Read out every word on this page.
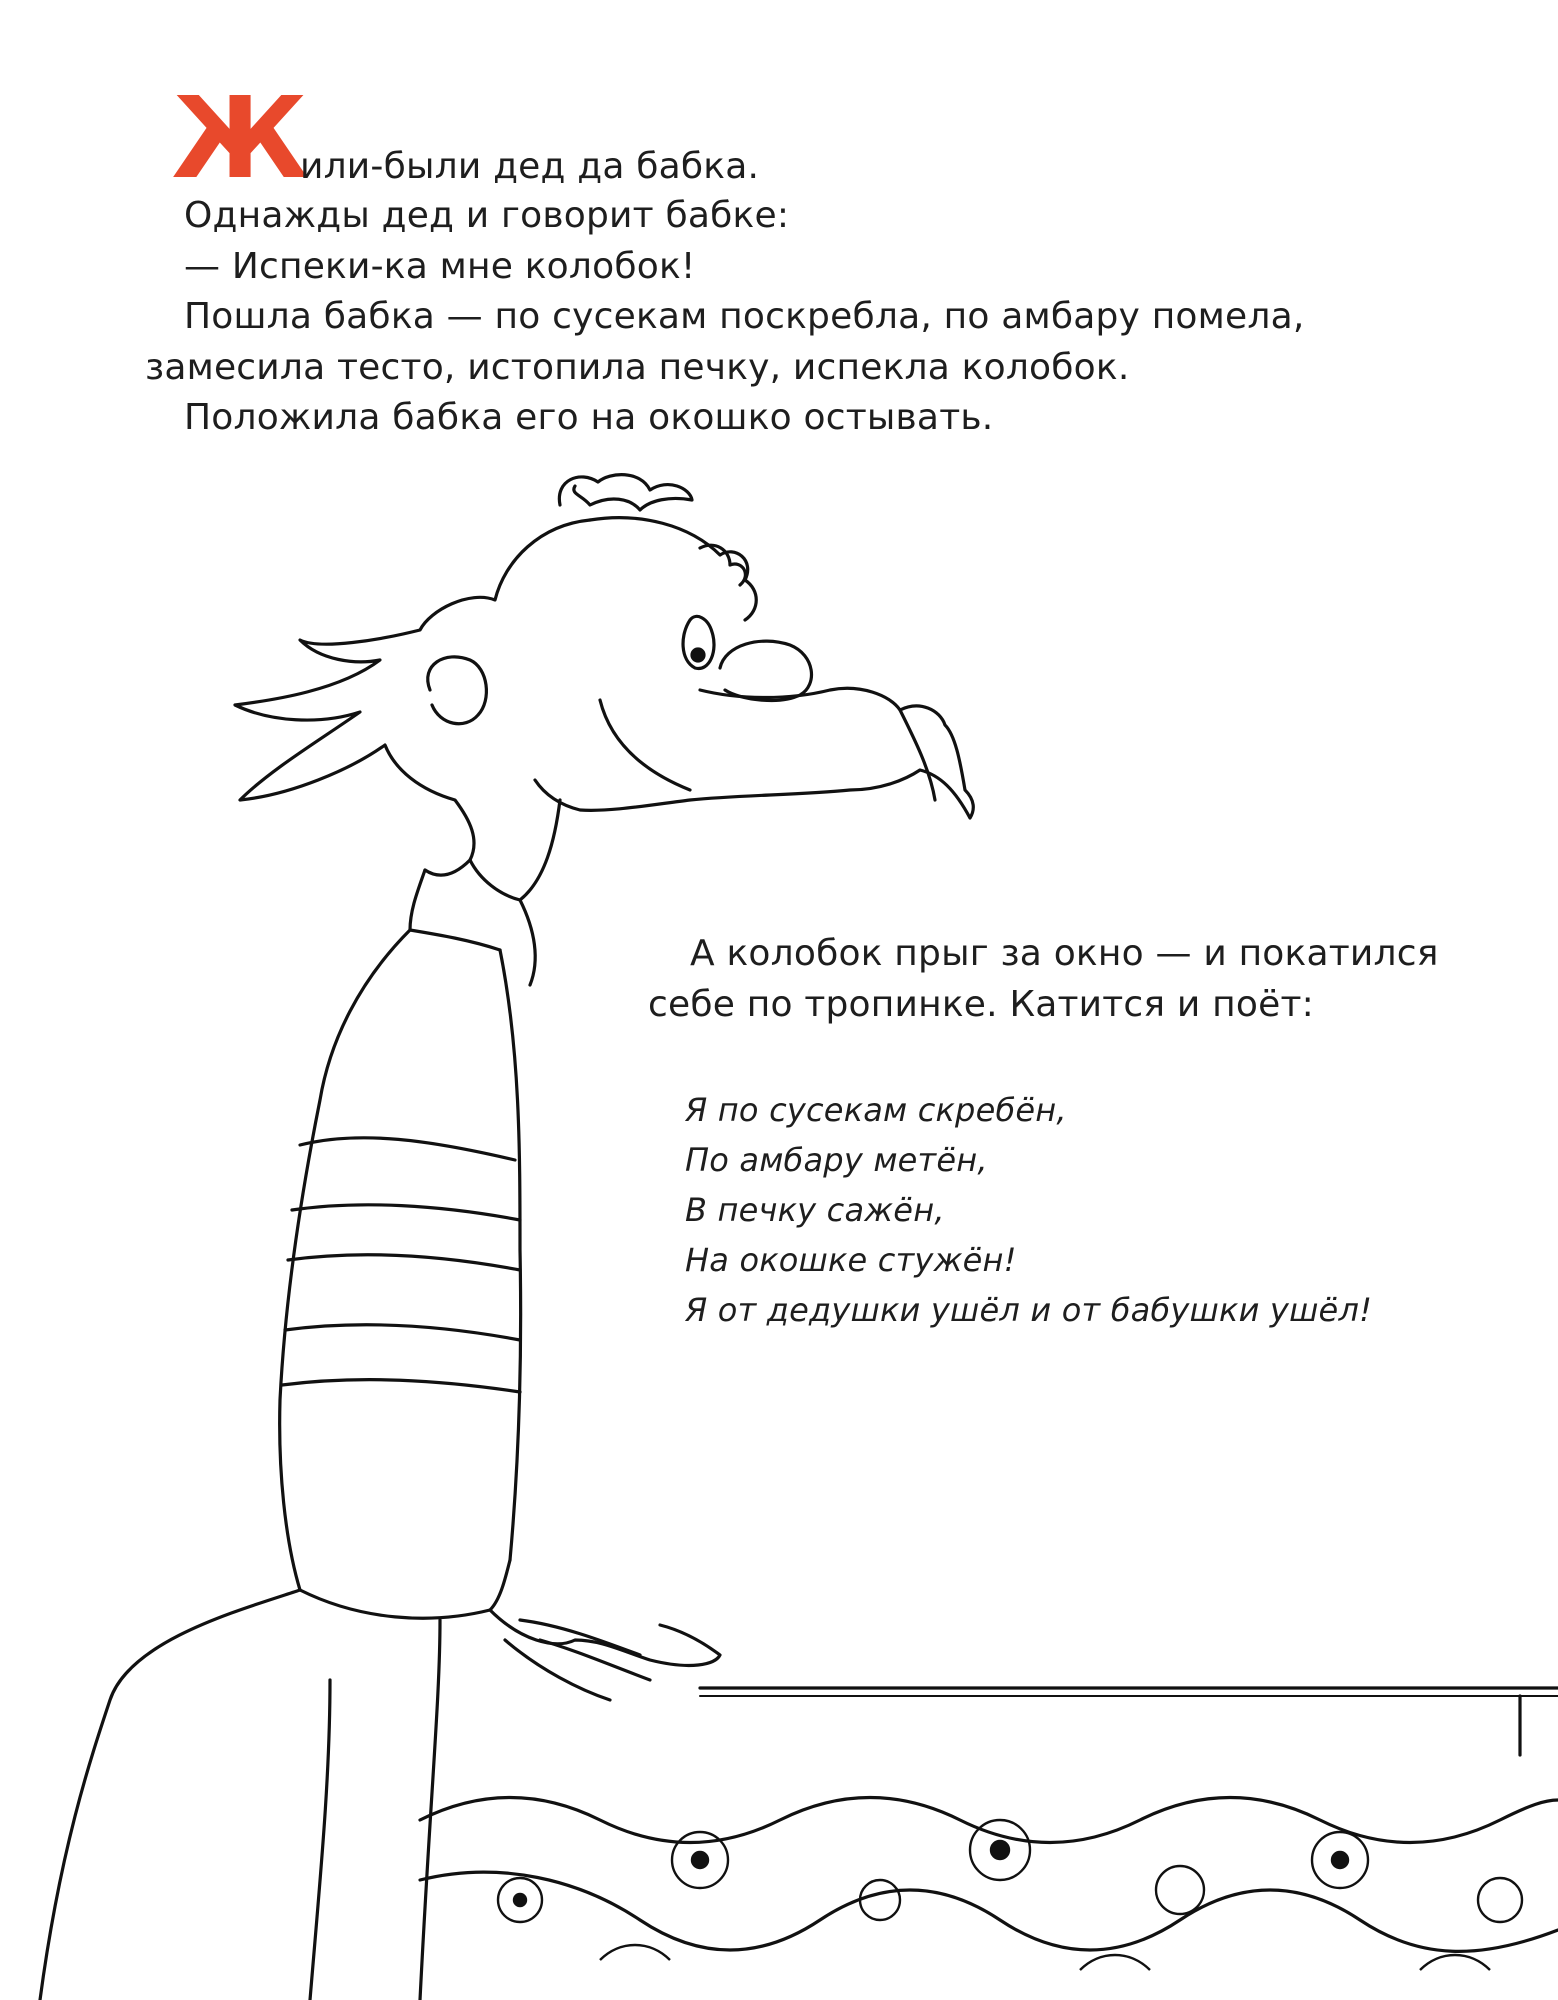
Ж
или-были дед да бабка.
Однажды дед и говорит бабке:
— Испеки-ка мне колобок!
Пошла бабка — по сусекам поскребла, по амбару помела,
замесила тесто, истопила печку, испекла колобок.
Положила бабка его на окошко остывать.
А колобок прыг за окно — и покатился
себе по тропинке. Катится и поёт:
Я по сусекам скребён,
По амбару метён,
В печку сажён,
На окошке стужён!
Я от дедушки ушёл и от бабушки ушёл!
